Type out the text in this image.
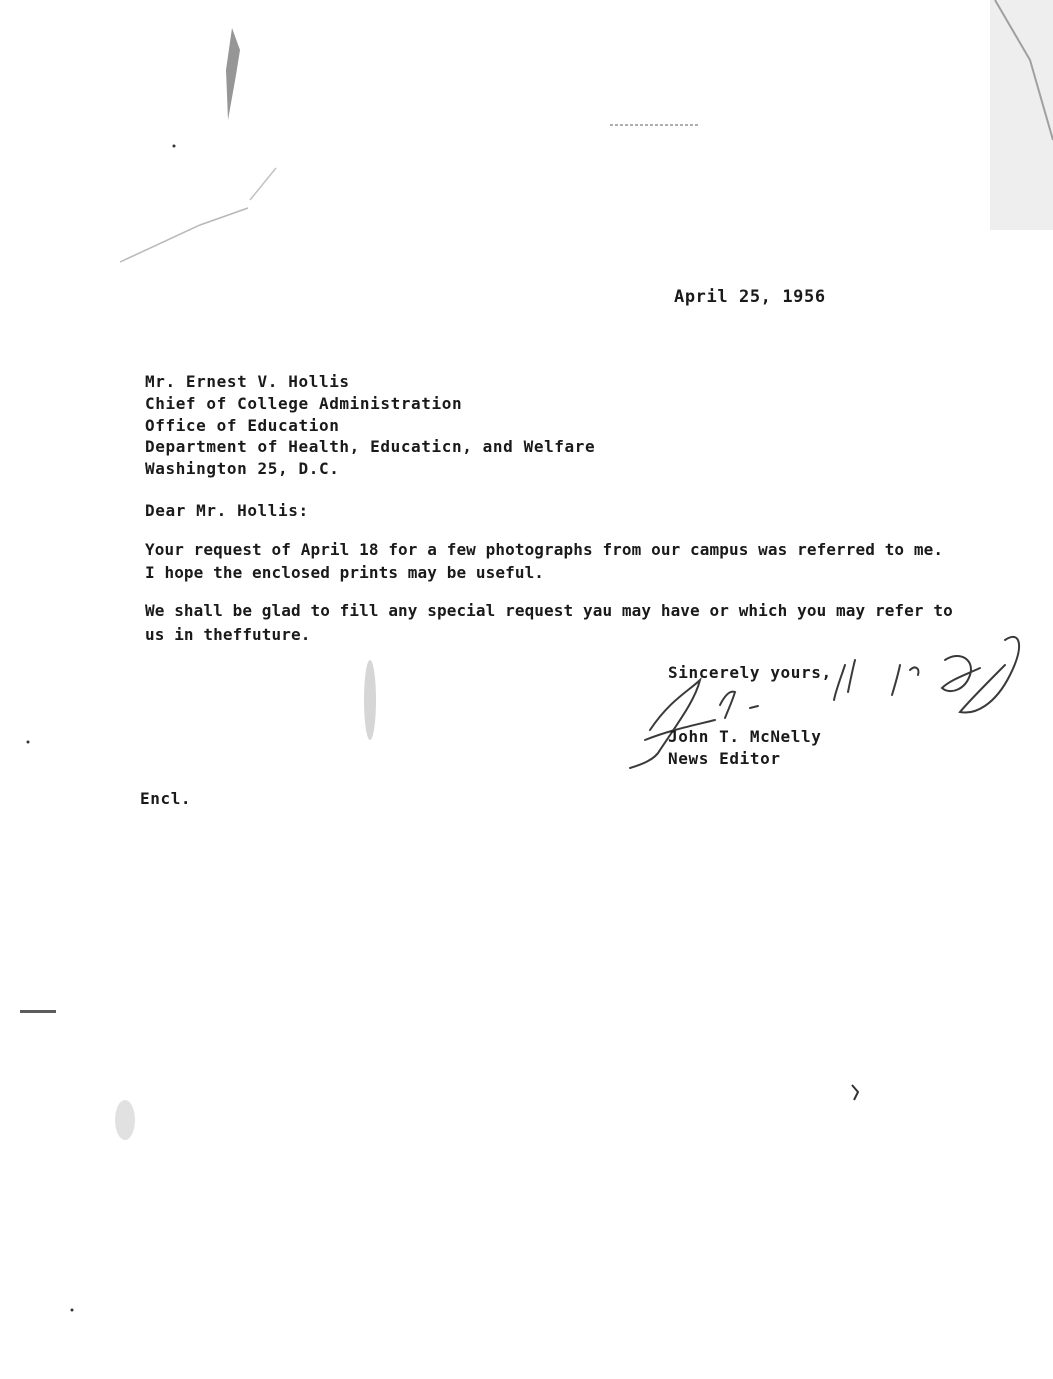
April 25, 1956
Mr. Ernest V. Hollis
Chief of College Administration
Office of Education
Department of Health, Educaticn, and Welfare
Washington 25, D.C.
Dear Mr. Hollis:
Your request of April 18 for a few photographs from our campus was referred to me.
I hope the enclosed prints may be useful.
We shall be glad to fill any special request yau may have or which you may refer to
us in theffuture.
Sincerely yours,
John T. McNelly
News Editor
Encl.
